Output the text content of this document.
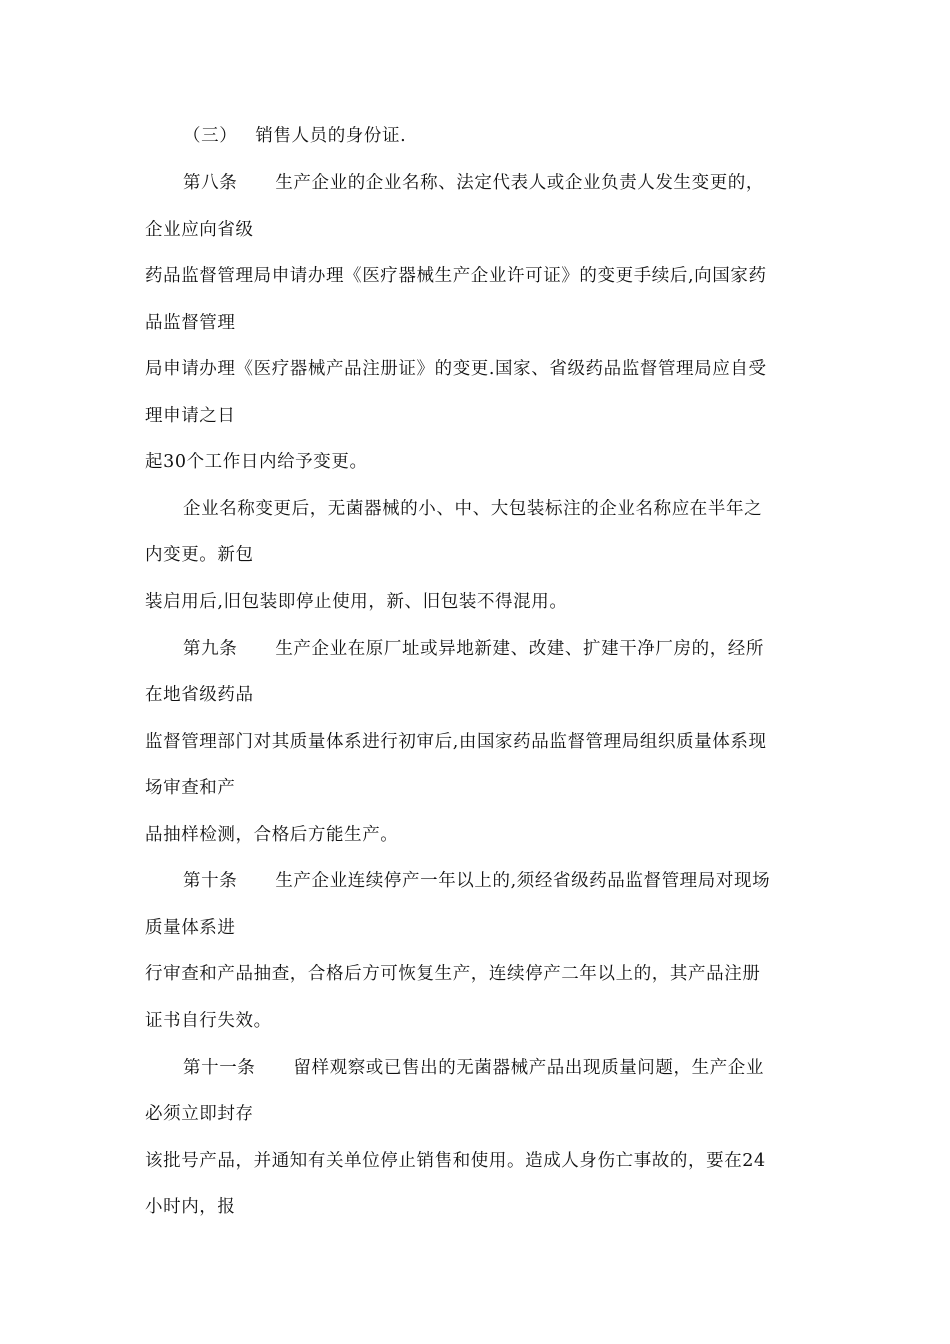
（三） 销售人员的身份证.
第八条 生产企业的企业名称、法定代表人或企业负责人发生变更的，
企业应向省级
药品监督管理局申请办理《医疗器械生产企业许可证》的变更手续后,向国家药
品监督管理
局申请办理《医疗器械产品注册证》的变更.国家、省级药品监督管理局应自受
理申请之日
起30个工作日内给予变更。
企业名称变更后，无菌器械的小、中、大包装标注的企业名称应在半年之
内变更。新包
装启用后,旧包装即停止使用，新、旧包装不得混用。
第九条 生产企业在原厂址或异地新建、改建、扩建干净厂房的，经所
在地省级药品
监督管理部门对其质量体系进行初审后,由国家药品监督管理局组织质量体系现
场审查和产
品抽样检测，合格后方能生产。
第十条 生产企业连续停产一年以上的,须经省级药品监督管理局对现场
质量体系进
行审查和产品抽查，合格后方可恢复生产，连续停产二年以上的，其产品注册
证书自行失效。
第十一条 留样观察或已售出的无菌器械产品出现质量问题，生产企业
必须立即封存
该批号产品，并通知有关单位停止销售和使用。造成人身伤亡事故的，要在24
小时内，报
